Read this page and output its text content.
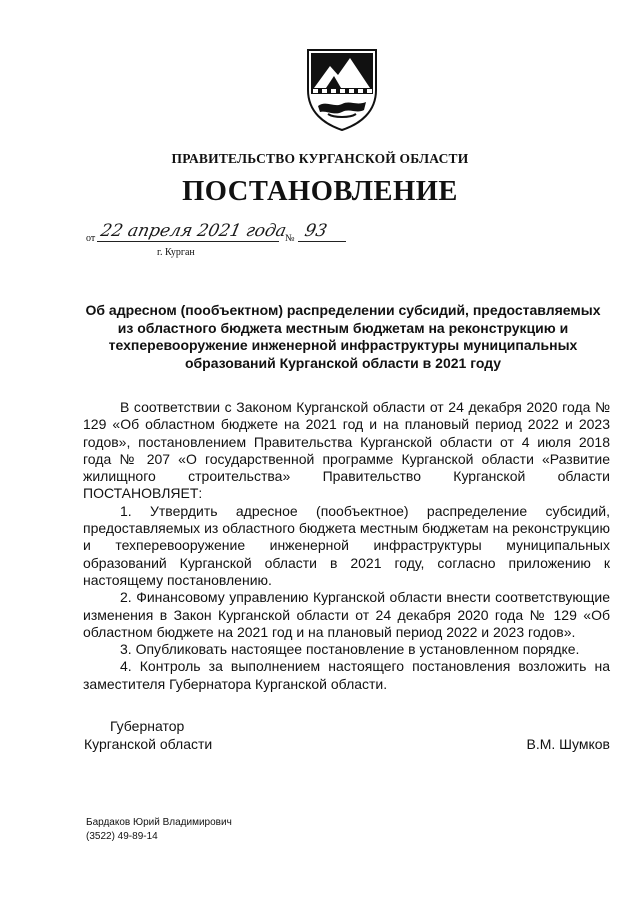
ПРАВИТЕЛЬСТВО КУРГАНСКОЙ ОБЛАСТИ
ПОСТАНОВЛЕНИЕ
от 22 апреля 2021 года
№ 93
г. Курган
Об адресном (пообъектном) распределении субсидий, предоставляемых из областного бюджета местным бюджетам на реконструкцию и техперевооружение инженерной инфраструктуры муниципальных образований Курганской области в 2021 году

В соответствии с Законом Курганской области от 24 декабря 2020 года № 129 «Об областном бюджете на 2021 год и на плановый период 2022 и 2023 годов», постановлением Правительства Курганской области от 4 июля 2018 года № 207 «О государственной программе Курганской области «Развитие жилищного строительства» Правительство Курганской области ПОСТАНОВЛЯЕТ:

1. Утвердить адресное (пообъектное) распределение субсидий, предоставляемых из областного бюджета местным бюджетам на реконструкцию и техперевооружение инженерной инфраструктуры муниципальных образований Курганской области в 2021 году, согласно приложению к настоящему постановлению.

2. Финансовому управлению Курганской области внести соответствующие изменения в Закон Курганской области от 24 декабря 2020 года № 129 «Об областном бюджете на 2021 год и на плановый период 2022 и 2023 годов».

3. Опубликовать настоящее постановление в установленном порядке.

4. Контроль за выполнением настоящего постановления возложить на заместителя Губернатора Курганской области.

Губернатор
Курганской области	В.М. Шумков
Бардаков Юрий Владимирович
(3522) 49-89-14
